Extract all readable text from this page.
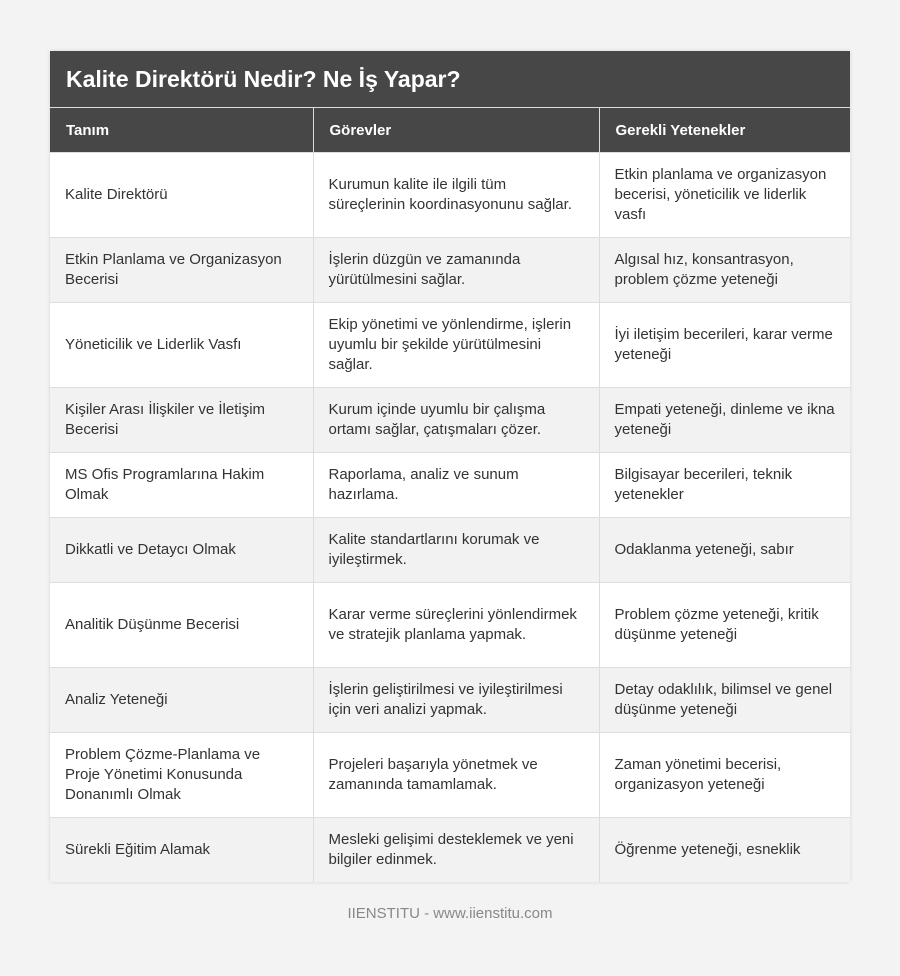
Kalite Direktörü Nedir? Ne İş Yapar?
Tanım	Görevler	Gerekli Yetenekler
Kalite Direktörü	Kurumun kalite ile ilgili tüm süreçlerinin koordinasyonunu sağlar.	Etkin planlama ve organizasyon becerisi, yöneticilik ve liderlik vasfı
Etkin Planlama ve Organizasyon Becerisi	İşlerin düzgün ve zamanında yürütülmesini sağlar.	Algısal hız, konsantrasyon, problem çözme yeteneği
Yöneticilik ve Liderlik Vasfı	Ekip yönetimi ve yönlendirme, işlerin uyumlu bir şekilde yürütülmesini sağlar.	İyi iletişim becerileri, karar verme yeteneği
Kişiler Arası İlişkiler ve İletişim Becerisi	Kurum içinde uyumlu bir çalışma ortamı sağlar, çatışmaları çözer.	Empati yeteneği, dinleme ve ikna yeteneği
MS Ofis Programlarına Hakim Olmak	Raporlama, analiz ve sunum hazırlama.	Bilgisayar becerileri, teknik yetenekler
Dikkatli ve Detaycı Olmak	Kalite standartlarını korumak ve iyileştirmek.	Odaklanma yeteneği, sabır
Analitik Düşünme Becerisi	Karar verme süreçlerini yönlendirmek ve stratejik planlama yapmak.	Problem çözme yeteneği, kritik düşünme yeteneği
Analiz Yeteneği	İşlerin geliştirilmesi ve iyileştirilmesi için veri analizi yapmak.	Detay odaklılık, bilimsel ve genel düşünme yeteneği
Problem Çözme-Planlama ve Proje Yönetimi Konusunda Donanımlı Olmak	Projeleri başarıyla yönetmek ve zamanında tamamlamak.	Zaman yönetimi becerisi, organizasyon yeteneği
Sürekli Eğitim Alamak	Mesleki gelişimi desteklemek ve yeni bilgiler edinmek.	Öğrenme yeteneği, esneklik
IIENSTITU - www.iienstitu.com
